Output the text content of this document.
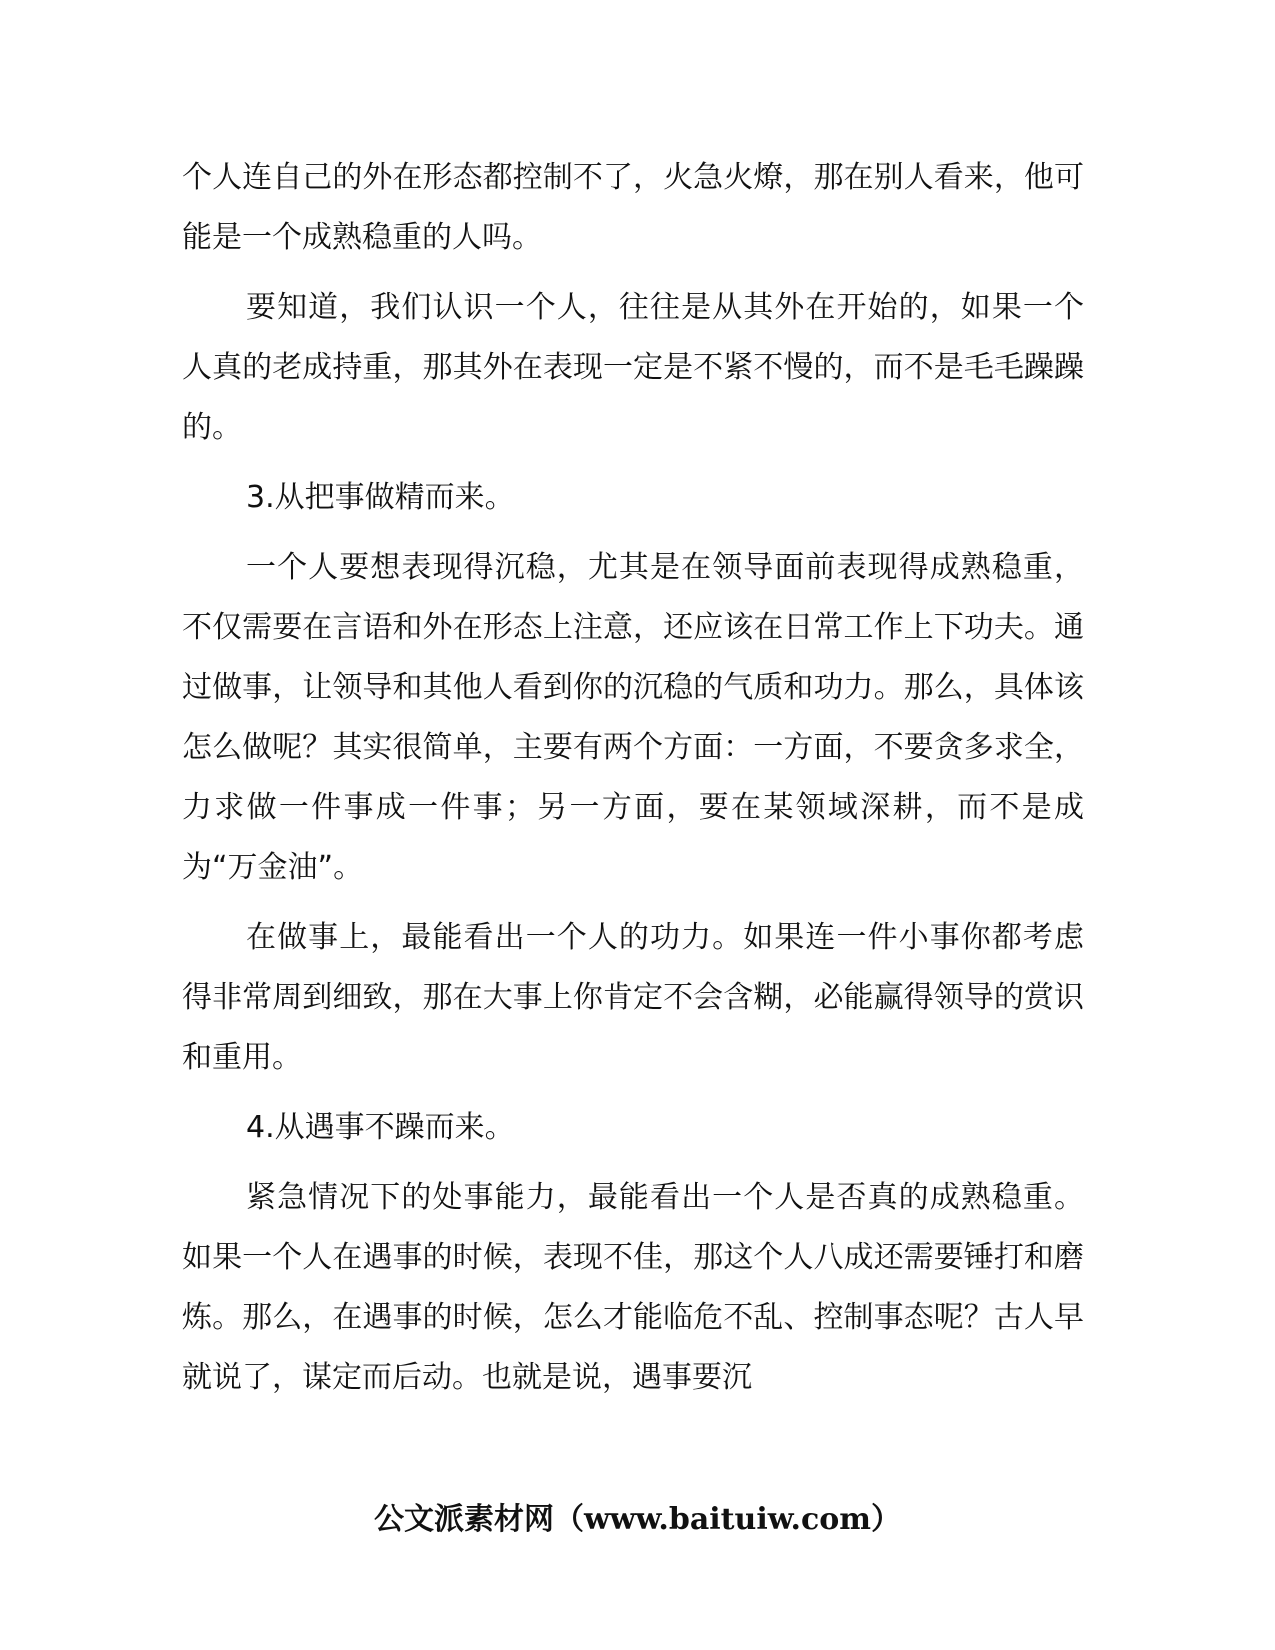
个人连自己的外在形态都控制不了，火急火燎，那在别人看来，他可能是一个成熟稳重的人吗。

要知道，我们认识一个人，往往是从其外在开始的，如果一个人真的老成持重，那其外在表现一定是不紧不慢的，而不是毛毛躁躁的。

3.从把事做精而来。

一个人要想表现得沉稳，尤其是在领导面前表现得成熟稳重，不仅需要在言语和外在形态上注意，还应该在日常工作上下功夫。通过做事，让领导和其他人看到你的沉稳的气质和功力。那么，具体该怎么做呢？其实很简单，主要有两个方面：一方面，不要贪多求全，力求做一件事成一件事；另一方面，要在某领域深耕，而不是成为“万金油”。

在做事上，最能看出一个人的功力。如果连一件小事你都考虑得非常周到细致，那在大事上你肯定不会含糊，必能赢得领导的赏识和重用。

4.从遇事不躁而来。

紧急情况下的处事能力，最能看出一个人是否真的成熟稳重。如果一个人在遇事的时候，表现不佳，那这个人八成还需要锤打和磨炼。那么，在遇事的时候，怎么才能临危不乱、控制事态呢？古人早就说了，谋定而后动。也就是说，遇事要沉

公文派素材网（www.baituiw.com）
